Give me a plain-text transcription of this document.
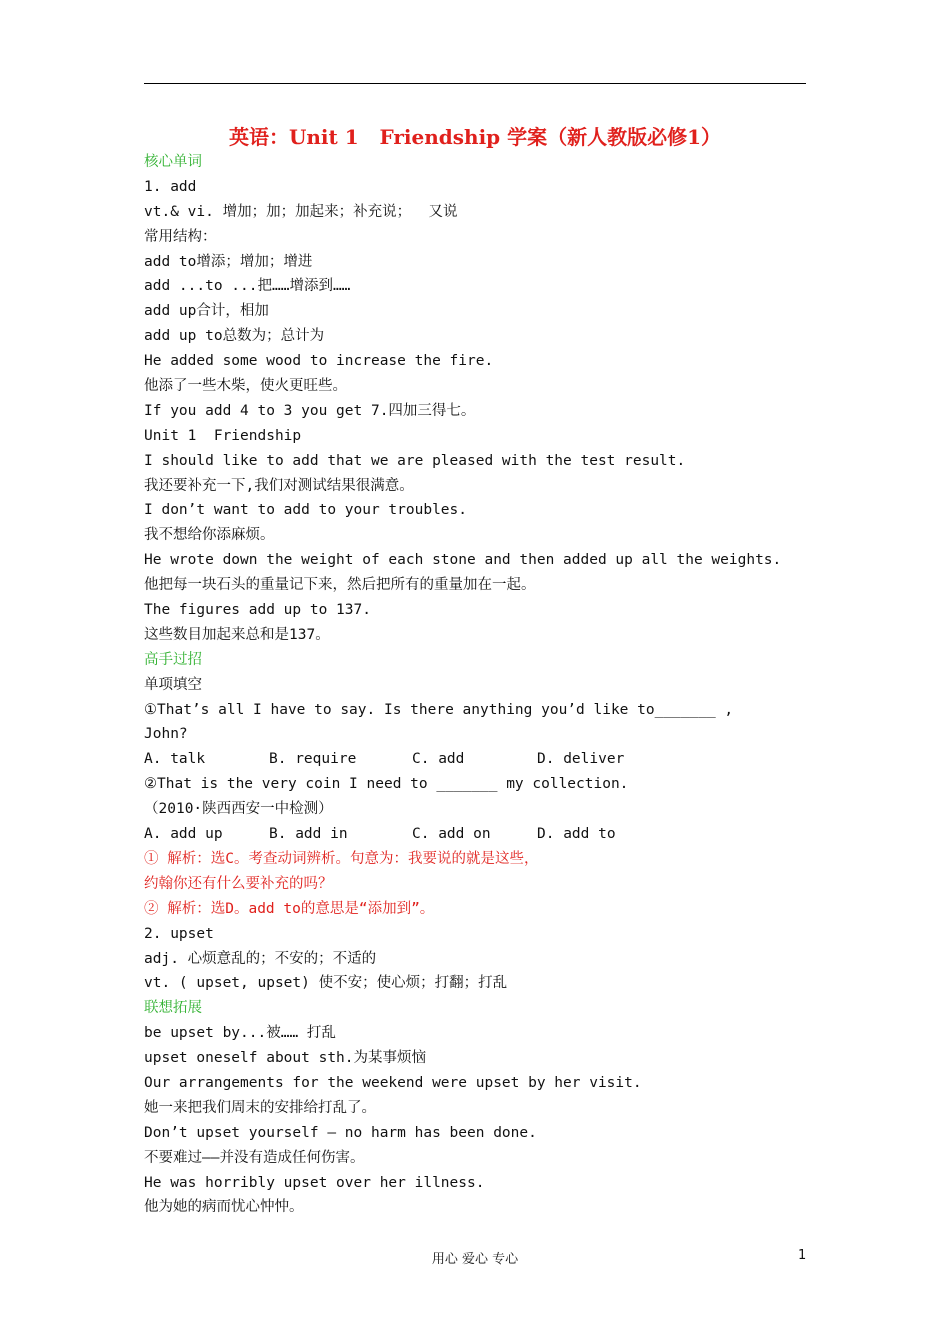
英语：Unit 1   Friendship 学案（新人教版必修1）
核心单词
1. add
vt.& vi. 增加；加；加起来；补充说；  又说
常用结构：
add to增添；增加；增进
add ...to ...把……增添到……
add up合计，相加
add up to总数为；总计为
He added some wood to increase the fire.
他添了一些木柴，使火更旺些。
If you add 4 to 3 you get 7.四加三得七。
Unit 1  Friendship
I should like to add that we are pleased with the test result.
我还要补充一下,我们对测试结果很满意。
I don’t want to add to your troubles.
我不想给你添麻烦。
He wrote down the weight of each stone and then added up all the weights.
他把每一块石头的重量记下来，然后把所有的重量加在一起。
The figures add up to 137.
这些数目加起来总和是137。
高手过招
单项填空
①That’s all I have to say. Is there anything you’d like to_______ ,
John?
A. talk	B. require	C. add	D. deliver
②That is the very coin I need to _______ my collection.
（2010·陕西西安一中检测）
A. add up	B. add in	C. add on	D. add to
① 解析：选C。考查动词辨析。句意为：我要说的就是这些，
约翰你还有什么要补充的吗？
② 解析：选D。add to的意思是“添加到”。
2. upset
adj. 心烦意乱的；不安的；不适的
vt. ( upset, upset) 使不安；使心烦；打翻；打乱
联想拓展
be upset by...被…… 打乱
upset oneself about sth.为某事烦恼
Our arrangements for the weekend were upset by her visit.
她一来把我们周末的安排给打乱了。
Don’t upset yourself — no harm has been done.
不要难过——并没有造成任何伤害。
He was horribly upset over her illness.
他为她的病而忧心忡忡。
用心 爱心 专心	1
